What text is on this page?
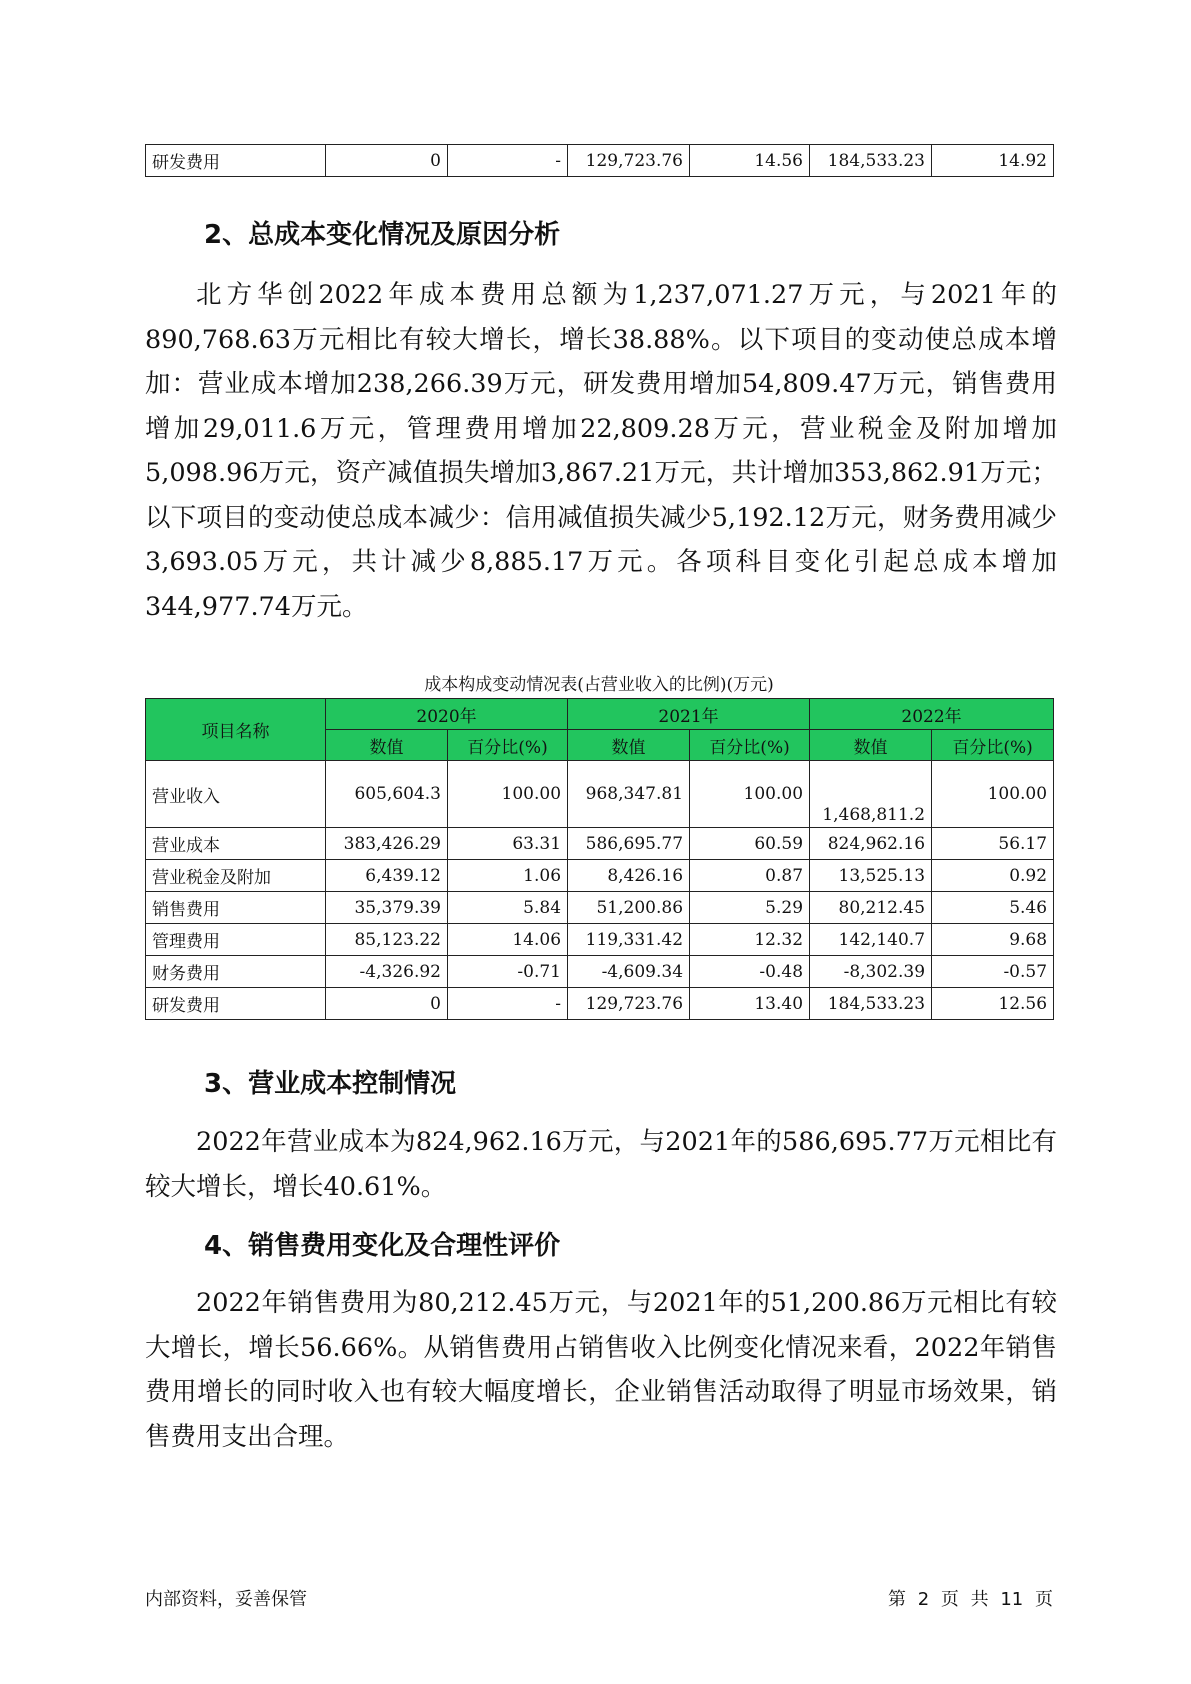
研发费用	0	-	129,723.76	14.56	184,533.23	14.92
2、总成本变化情况及原因分析

北方华创2022年成本费用总额为1,237,071.27万元，与2021年的890,768.63万元相比有较大增长，增长38.88%。以下项目的变动使总成本增加：营业成本增加238,266.39万元，研发费用增加54,809.47万元，销售费用增加29,011.6万元，管理费用增加22,809.28万元，营业税金及附加增加5,098.96万元，资产减值损失增加3,867.21万元，共计增加353,862.91万元；以下项目的变动使总成本减少：信用减值损失减少5,192.12万元，财务费用减少3,693.05万元，共计减少8,885.17万元。各项科目变化引起总成本增加344,977.74万元。

成本构成变动情况表(占营业收入的比例)(万元)

项目名称	2020年		2021年		2022年	
	数值	百分比(%)	数值	百分比(%)	数值	百分比(%)
营业收入	605,604.3	100.00	968,347.81	100.00	1,468,811.2	100.00
营业成本	383,426.29	63.31	586,695.77	60.59	824,962.16	56.17
营业税金及附加	6,439.12	1.06	8,426.16	0.87	13,525.13	0.92
销售费用	35,379.39	5.84	51,200.86	5.29	80,212.45	5.46
管理费用	85,123.22	14.06	119,331.42	12.32	142,140.7	9.68
财务费用	-4,326.92	-0.71	-4,609.34	-0.48	-8,302.39	-0.57
研发费用	0	-	129,723.76	13.40	184,533.23	12.56
3、营业成本控制情况

2022年营业成本为824,962.16万元，与2021年的586,695.77万元相比有较大增长，增长40.61%。

4、销售费用变化及合理性评价

2022年销售费用为80,212.45万元，与2021年的51,200.86万元相比有较大增长，增长56.66%。从销售费用占销售收入比例变化情况来看，2022年销售费用增长的同时收入也有较大幅度增长，企业销售活动取得了明显市场效果，销售费用支出合理。

内部资料，妥善保管	第 2 页 共 11 页
